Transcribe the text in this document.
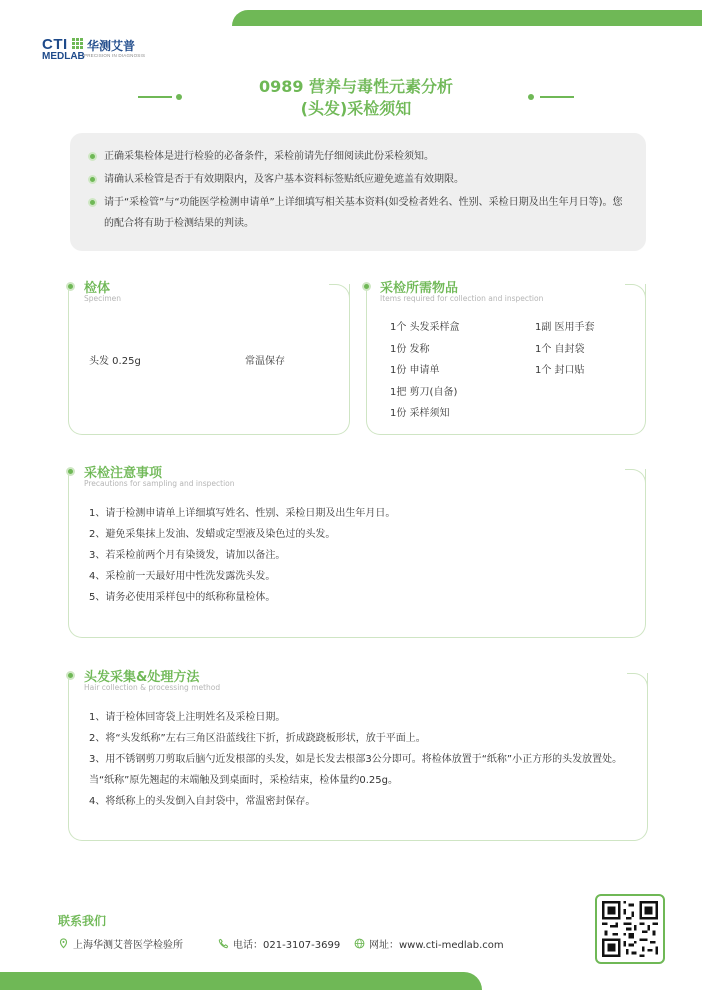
CTI 华测艾普
MEDLAB PRECISION IN DIAGNOSIS
0989 营养与毒性元素分析
(头发)采检须知
正确采集检体是进行检验的必备条件，采检前请先仔细阅读此份采检须知。
请确认采检管是否于有效期限内，及客户基本资料标签贴纸应避免遮盖有效期限。
请于“采检管”与“功能医学检测申请单”上详细填写相关基本资料(如受检者姓名、性别、采检日期及出生年月日等)。您的配合将有助于检测结果的判读。
检体
Specimen
头发 0.25g	常温保存
采检所需物品
Items required for collection and inspection
1个 头发采样盒
1份 发称
1份 申请单
1把 剪刀(自备)
1份 采样须知
1副 医用手套
1个 自封袋
1个 封口贴
采检注意事项
Precautions for sampling and inspection
1、请于检测申请单上详细填写姓名、性别、采检日期及出生年月日。
2、避免采集抹上发油、发蜡或定型液及染色过的头发。
3、若采检前两个月有染烫发，请加以备注。
4、采检前一天最好用中性洗发露洗头发。
5、请务必使用采样包中的纸称称量检体。
头发采集&处理方法
Hair collection & processing method
1、请于检体回寄袋上注明姓名及采检日期。
2、将“头发纸称”左右三角区沿蓝线往下折，折成跷跷板形状，放于平面上。
3、用不锈钢剪刀剪取后脑勺近发根部的头发，如是长发去根部3公分即可。将检体放置于“纸称”小正方形的头发放置处。当“纸称”原先翘起的末端触及到桌面时，采检结束，检体量约0.25g。
4、将纸称上的头发倒入自封袋中，常温密封保存。
联系我们
上海华测艾普医学检验所	电话：021-3107-3699	网址：www.cti-medlab.com
